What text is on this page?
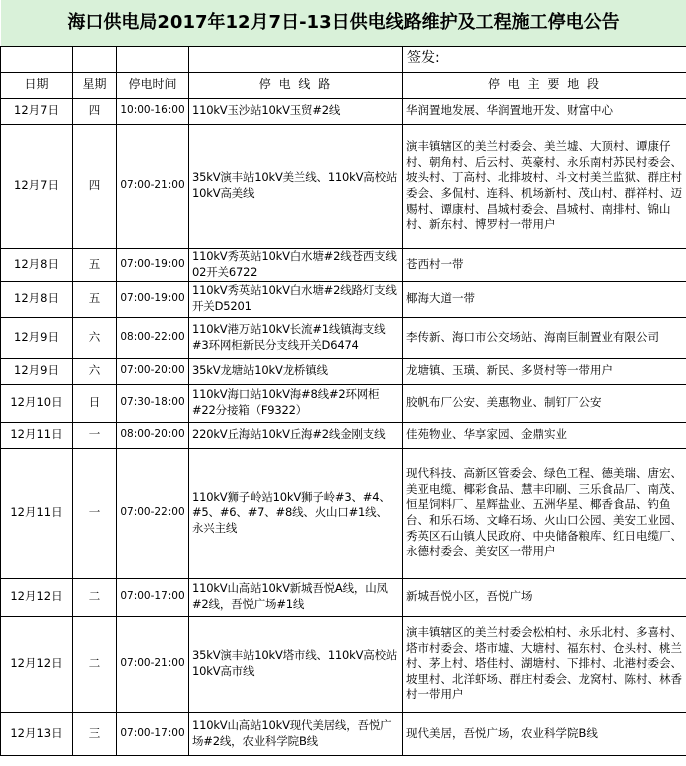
海口供电局2017年12月7日-13日供电线路维护及工程施工停电公告				
				签发:
日期	星期	停电时间	停 电 线 路	停 电 主 要 地 段
12月7日	四	10:00-16:00	110kV玉沙站10kV玉贸#2线	华润置地发展、华润置地开发、财富中心
12月7日	四	07:00-21:00	35kV演丰站10kV美兰线、110kV高校站10kV高美线	演丰镇辖区的美兰村委会、美兰墟、大顶村、谭康仔村、朝角村、后云村、英豪村、永乐南村苏民村委会、坡头村、丁高村、北排坡村、斗文村美兰监狱、群庄村委会、多侃村、连科、机场新村、茂山村、群祥村、迈赐村、谭康村、昌城村委会、昌城村、南排村、锦山村、新东村、博罗村一带用户
12月8日	五	07:00-19:00	110kV秀英站10kV白水塘#2线苍西支线02开关6722	苍西村一带
12月8日	五	07:00-19:00	110kV秀英站10kV白水塘#2线路灯支线开关D5201	椰海大道一带
12月9日	六	08:00-22:00	110kV港万站10kV长流#1线镇海支线#3环网柜新民分支线开关D6474	李传新、海口市公交场站、海南巨制置业有限公司
12月9日	六	07:00-20:00	35kV龙塘站10kV龙桥镇线	龙塘镇、玉璜、新民、多贤村等一带用户
12月10日	日	07:30-18:00	110kV海口站10kV海#8线#2环网柜#22分接箱（F9322）	胶帆布厂公安、美惠物业、制钉厂公安
12月11日	一	08:00-20:00	220kV丘海站10kV丘海#2线金刚支线	佳苑物业、华享家园、金鼎实业
12月11日	一	07:00-22:00	110kV狮子岭站10kV狮子岭#3、#4、#5、#6、#7、#8线、火山口#1线、永兴主线	现代科技、高新区管委会、绿色工程、德美瑞、唐宏、美亚电缆、椰彩食品、慧丰印刷、三乐食品厂、南茂、恒星饲料厂、星辉盐业、五洲华星、椰香食品、钓鱼台、和乐石场、文峰石场、火山口公园、美安工业园、秀英区石山镇人民政府、中央储备粮库、红日电缆厂、永德村委会、美安区一带用户
12月12日	二	07:00-17:00	110kV山高站10kV新城吾悦A线，山凤#2线，吾悦广场#1线	新城吾悦小区，吾悦广场
12月12日	二	07:00-21:00	35kV演丰站10kV塔市线、110kV高校站10kV高市线	演丰镇辖区的美兰村委会松柏村、永乐北村、多喜村、塔市村委会、塔市墟、大塘村、福东村、仓头村、桃兰村、茅上村、塔佳村、湖塘村、下排村、北港村委会、坡里村、北洋虾场、群庄村委会、龙窝村、陈村、林香村一带用户
12月13日	三	07:00-17:00	110kV山高站10kV现代美居线，吾悦广场#2线，农业科学院B线	现代美居，吾悦广场，农业科学院B线
